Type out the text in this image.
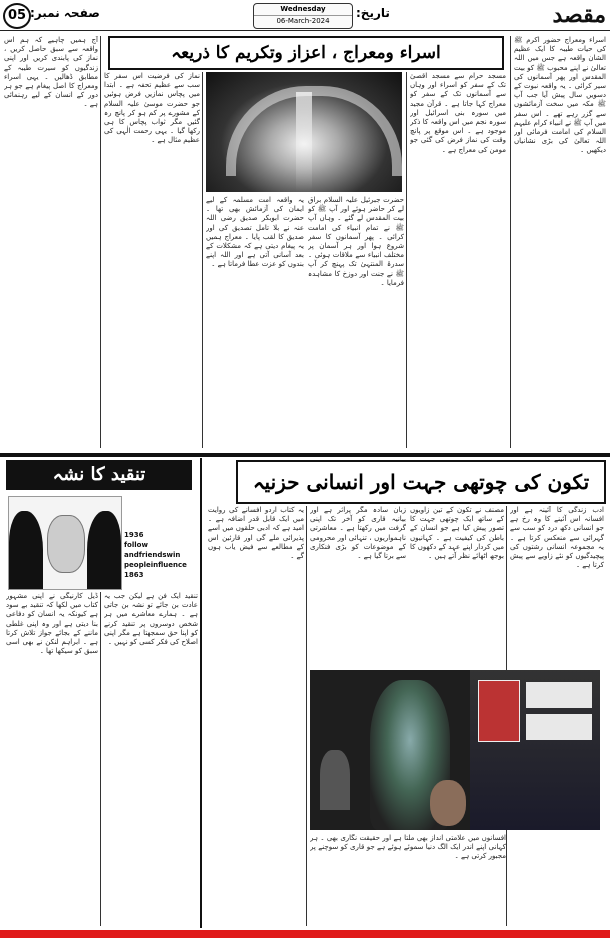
05 صفحہ نمبر:	Wednesday
06-March-2024
تاریخ:	مقصد
اسراء ومعراج ، اعزاز وتکریم کا ذریعہ
اسراء ومعراج حضور اکرم ﷺ کی حیات طیبہ کا ایک عظیم الشان واقعہ ہے جس میں اللہ تعالیٰ نے اپنے محبوب ﷺ کو بیت المقدس اور پھر آسمانوں کی سیر کرائی ۔ یہ واقعہ نبوت کے دسویں سال پیش آیا جب آپ ﷺ مکہ میں سخت آزمائشوں سے گزر رہے تھے ۔ اس سفر میں آپ ﷺ نے انبیاء کرام علیہم السلام کی امامت فرمائی اور اللہ تعالیٰ کی بڑی نشانیاں دیکھیں ۔
مسجد حرام سے مسجد اقصیٰ تک کے سفر کو اسراء اور وہاں سے آسمانوں تک کے سفر کو معراج کہا جاتا ہے ۔ قرآن مجید میں سورہ بنی اسرائیل اور سورہ نجم میں اس واقعہ کا ذکر موجود ہے ۔ اس موقع پر پانچ وقت کی نماز فرض کی گئی جو مومن کی معراج ہے ۔
حضرت جبرئیل علیہ السلام براق لے کر حاضر ہوئے اور آپ ﷺ کو بیت المقدس لے گئے ۔ وہاں آپ ﷺ نے تمام انبیاء کی امامت کرائی ۔ پھر آسمانوں کا سفر شروع ہوا اور ہر آسمان پر مختلف انبیاء سے ملاقات ہوئی ۔ سدرۃ المنتہیٰ تک پہنچ کر آپ ﷺ نے جنت اور دوزخ کا مشاہدہ فرمایا ۔
یہ واقعہ امت مسلمہ کے لیے ایمان کی آزمائش بھی تھا ۔ حضرت ابوبکر صدیق رضی اللہ عنہ نے بلا تامل تصدیق کی اور صدیق کا لقب پایا ۔ معراج ہمیں یہ پیغام دیتی ہے کہ مشکلات کے بعد آسانی آتی ہے اور اللہ اپنے بندوں کو عزت عطا فرماتا ہے ۔
نماز کی فرضیت اس سفر کا سب سے عظیم تحفہ ہے ۔ ابتدا میں پچاس نمازیں فرض ہوئیں جو حضرت موسیٰ علیہ السلام کے مشورے پر کم ہو کر پانچ رہ گئیں مگر ثواب پچاس کا ہی رکھا گیا ۔ یہی رحمت الٰہی کی عظیم مثال ہے ۔
آج ہمیں چاہیے کہ ہم اس واقعہ سے سبق حاصل کریں ، نماز کی پابندی کریں اور اپنی زندگیوں کو سیرت طیبہ کے مطابق ڈھالیں ۔ یہی اسراء ومعراج کا اصل پیغام ہے جو ہر دور کے انسان کے لیے رہنمائی ہے ۔
تنقید کا نشہ
1936
follow
andfriendswin
peopleinfluence
1863
تنقید ایک فن ہے لیکن جب یہ عادت بن جائے تو نشہ بن جاتی ہے ۔ ہمارے معاشرے میں ہر شخص دوسروں پر تنقید کرنے کو اپنا حق سمجھتا ہے مگر اپنی اصلاح کی فکر کسی کو نہیں ۔
ڈیل کارنیگی نے اپنی مشہور کتاب میں لکھا کہ تنقید بے سود ہے کیونکہ یہ انسان کو دفاعی بنا دیتی ہے اور وہ اپنی غلطی ماننے کے بجائے جواز تلاش کرتا ہے ۔ ابراہم لنکن نے بھی اسی سبق کو سیکھا تھا ۔
تکون کی چوتھی جہت اور انسانی حزنیہ
ادب زندگی کا آئینہ ہے اور افسانہ اس آئینے کا وہ رخ ہے جو انسانی دکھ درد کو سب سے گہرائی سے منعکس کرتا ہے ۔ یہ مجموعہ انسانی رشتوں کی پیچیدگیوں کو نئے زاویے سے پیش کرتا ہے ۔
مصنف نے تکون کے تین زاویوں کے ساتھ ایک چوتھی جہت کا تصور پیش کیا ہے جو انسان کے باطن کی کیفیت ہے ۔ کہانیوں میں کردار اپنے عہد کے دکھوں کا بوجھ اٹھائے نظر آتے ہیں ۔
زبان سادہ مگر پراثر ہے اور بیانیہ قاری کو آخر تک اپنی گرفت میں رکھتا ہے ۔ معاشرتی ناہمواریوں ، تنہائی اور محرومی کے موضوعات کو بڑی فنکاری سے برتا گیا ہے ۔
یہ کتاب اردو افسانے کی روایت میں ایک قابل قدر اضافہ ہے ۔ امید ہے کہ ادبی حلقوں میں اسے پذیرائی ملے گی اور قارئین اس کے مطالعے سے فیض یاب ہوں گے ۔
افسانوں میں علامتی انداز بھی ملتا ہے اور حقیقت نگاری بھی ۔ ہر کہانی اپنے اندر ایک الگ دنیا سموئے ہوئے ہے جو قاری کو سوچنے پر مجبور کرتی ہے ۔
